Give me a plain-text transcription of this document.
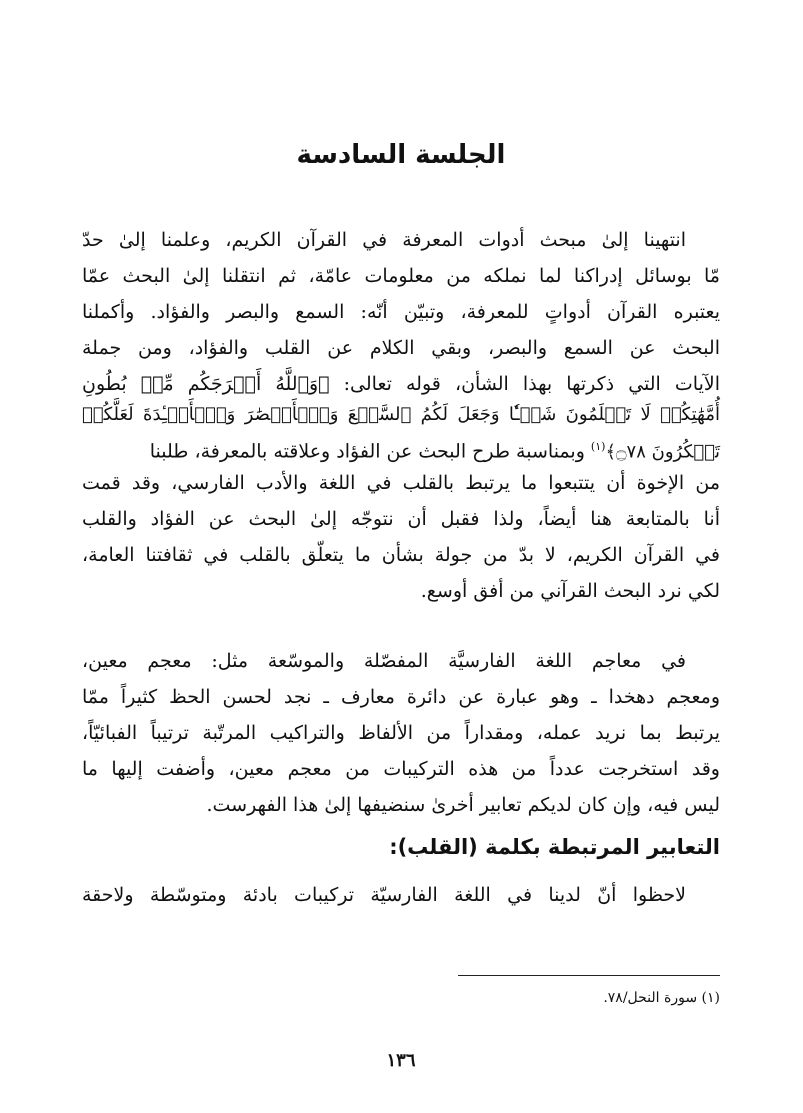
الجلسة السادسة
انتهينا إلىٰ مبحث أدوات المعرفة في القرآن الكريم، وعلمنا إلىٰ حدّ
مّا بوسائل إدراكنا لما نملكه من معلومات عامّة، ثم انتقلنا إلىٰ البحث عمّا
يعتبره القرآن أدواتٍ للمعرفة، وتبيّن أنّه: السمع والبصر والفؤاد. وأكملنا
البحث عن السمع والبصر، وبقي الكلام عن القلب والفؤاد، ومن جملة
الآيات التي ذكرتها بهذا الشأن، قوله تعالى: ﴿وَٱللَّهُ أَخۡرَجَكُم مِّنۢ بُطُونِ
أُمَّهَٰتِكُمۡ لَا تَعۡلَمُونَ شَيۡـٔٗا وَجَعَلَ لَكُمُ ٱلسَّمۡعَ وَٱلۡأَبۡصَٰرَ وَٱلۡأَفۡـِٔدَةَ لَعَلَّكُمۡ
تَشۡكُرُونَ ۝٧٨﴾$^{(١)}$ وبمناسبة طرح البحث عن الفؤاد وعلاقته بالمعرفة، طلبنا
من الإخوة أن يتتبعوا ما يرتبط بالقلب في اللغة والأدب الفارسي، وقد قمت
أنا بالمتابعة هنا أيضاً، ولذا فقبل أن نتوجّه إلىٰ البحث عن الفؤاد والقلب
في القرآن الكريم، لا بدّ من جولة بشأن ما يتعلّق بالقلب في ثقافتنا العامة،
لكي نرد البحث القرآني من أفق أوسع.
في معاجم اللغة الفارسيَّة المفصّلة والموسّعة مثل: معجم معين،
ومعجم دهخدا ـ وهو عبارة عن دائرة معارف ـ نجد لحسن الحظ كثيراً ممّا
يرتبط بما نريد عمله، ومقداراً من الألفاظ والتراكيب المرتّبة ترتيباً الفبائيّاً،
وقد استخرجت عدداً من هذه التركيبات من معجم معين، وأضفت إليها ما
ليس فيه، وإن كان لديكم تعابير أخرىٰ سنضيفها إلىٰ هذا الفهرست.
التعابير المرتبطة بكلمة (القلب):
لاحظوا أنّ لدينا في اللغة الفارسيّة تركيبات بادئة ومتوسّطة ولاحقة
(١) سورة النحل/٧٨.
١٣٦
